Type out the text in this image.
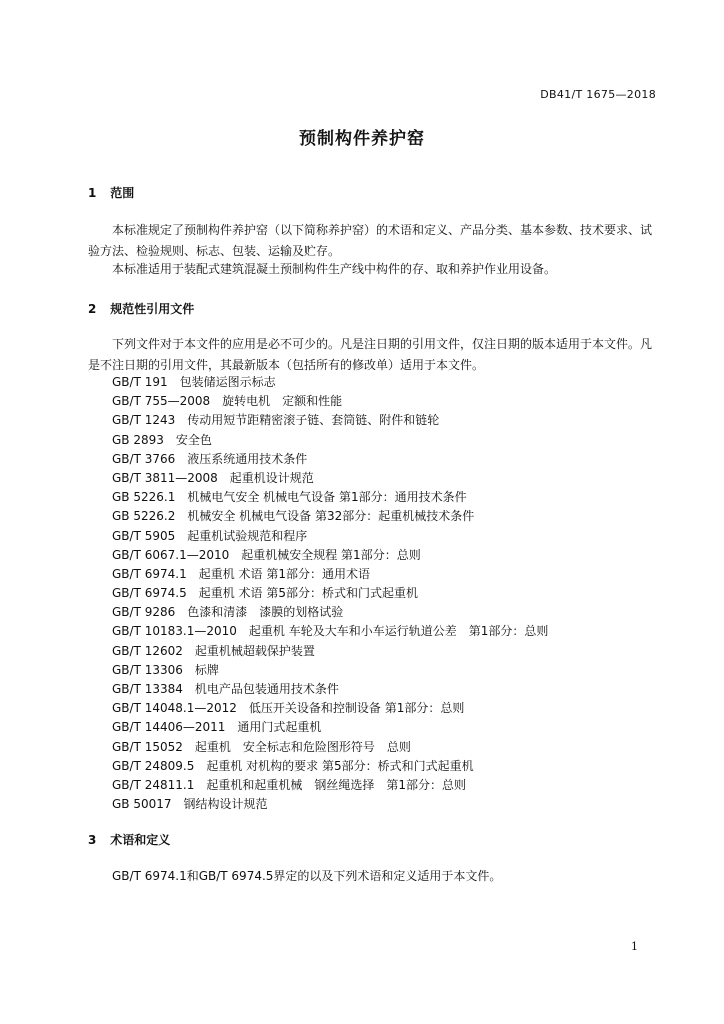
DB41/T 1675—2018
预制构件养护窑
1 范围
本标准规定了预制构件养护窑（以下简称养护窑）的术语和定义、产品分类、基本参数、技术要求、试验方法、检验规则、标志、包装、运输及贮存。
本标准适用于装配式建筑混凝土预制构件生产线中构件的存、取和养护作业用设备。
2 规范性引用文件
下列文件对于本文件的应用是必不可少的。凡是注日期的引用文件，仅注日期的版本适用于本文件。凡是不注日期的引用文件，其最新版本（包括所有的修改单）适用于本文件。
GB/T 191　包装储运图示标志
GB/T 755—2008　旋转电机　定额和性能
GB/T 1243　传动用短节距精密滚子链、套筒链、附件和链轮
GB 2893　安全色
GB/T 3766　液压系统通用技术条件
GB/T 3811—2008　起重机设计规范
GB 5226.1　机械电气安全 机械电气设备 第1部分：通用技术条件
GB 5226.2　机械安全 机械电气设备 第32部分：起重机械技术条件
GB/T 5905　起重机试验规范和程序
GB/T 6067.1—2010　起重机械安全规程 第1部分：总则
GB/T 6974.1　起重机 术语 第1部分：通用术语
GB/T 6974.5　起重机 术语 第5部分：桥式和门式起重机
GB/T 9286　色漆和清漆　漆膜的划格试验
GB/T 10183.1—2010　起重机 车轮及大车和小车运行轨道公差　第1部分：总则
GB/T 12602　起重机械超载保护装置
GB/T 13306　标牌
GB/T 13384　机电产品包装通用技术条件
GB/T 14048.1—2012　低压开关设备和控制设备 第1部分：总则
GB/T 14406—2011　通用门式起重机
GB/T 15052　起重机　安全标志和危险图形符号　总则
GB/T 24809.5　起重机 对机构的要求 第5部分：桥式和门式起重机
GB/T 24811.1　起重机和起重机械　钢丝绳选择　第1部分：总则
GB 50017　钢结构设计规范
3 术语和定义
GB/T 6974.1和GB/T 6974.5界定的以及下列术语和定义适用于本文件。
1
